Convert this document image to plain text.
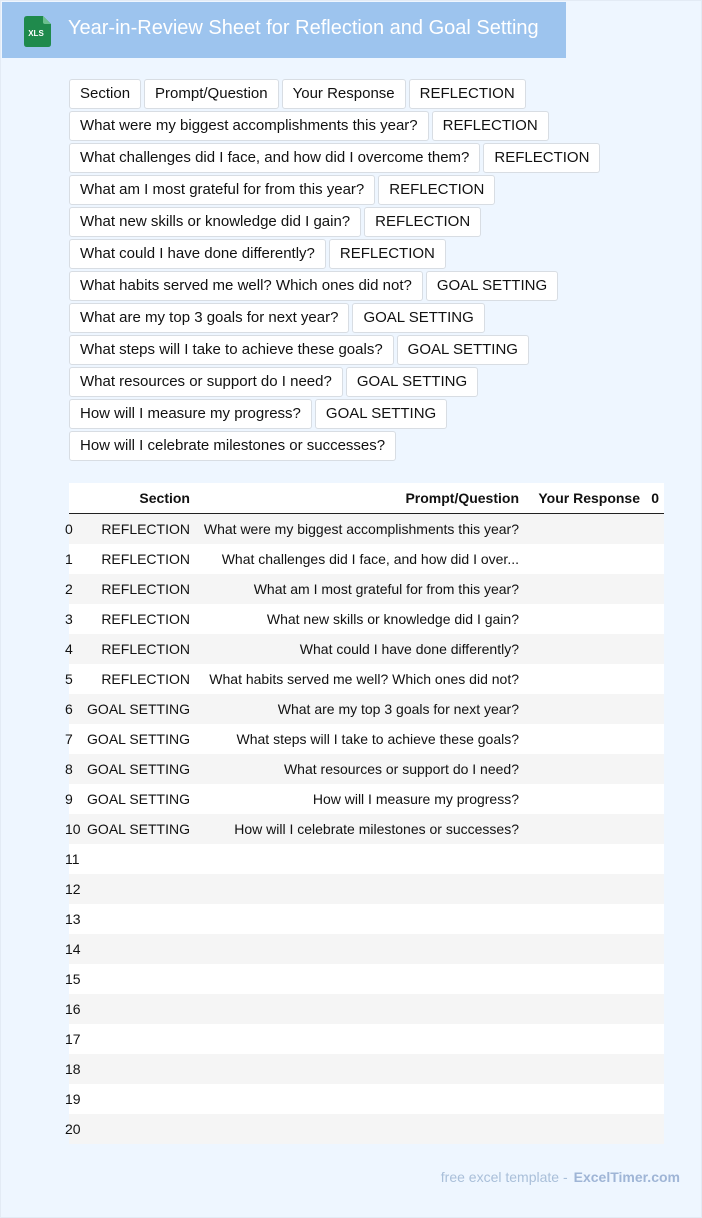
XLS Year-in-Review Sheet for Reflection and Goal Setting
Section	Prompt/Question	Your Response	REFLECTION
What were my biggest accomplishments this year?	REFLECTION
What challenges did I face, and how did I overcome them?	REFLECTION
What am I most grateful for from this year?	REFLECTION
What new skills or knowledge did I gain?	REFLECTION
What could I have done differently?	REFLECTION
What habits served me well? Which ones did not?	GOAL SETTING
What are my top 3 goals for next year?	GOAL SETTING
What steps will I take to achieve these goals?	GOAL SETTING
What resources or support do I need?	GOAL SETTING
How will I measure my progress?	GOAL SETTING
How will I celebrate milestones or successes?
	Section	Prompt/Question	Your Response	0
0	REFLECTION	What were my biggest accomplishments this year?		
1	REFLECTION	What challenges did I face, and how did I over...		
2	REFLECTION	What am I most grateful for from this year?		
3	REFLECTION	What new skills or knowledge did I gain?		
4	REFLECTION	What could I have done differently?		
5	REFLECTION	What habits served me well? Which ones did not?		
6	GOAL SETTING	What are my top 3 goals for next year?		
7	GOAL SETTING	What steps will I take to achieve these goals?		
8	GOAL SETTING	What resources or support do I need?		
9	GOAL SETTING	How will I measure my progress?		
10	GOAL SETTING	How will I celebrate milestones or successes?		
11				
12				
13				
14				
15				
16				
17				
18				
19				
20				
free excel template - ExcelTimer.com
